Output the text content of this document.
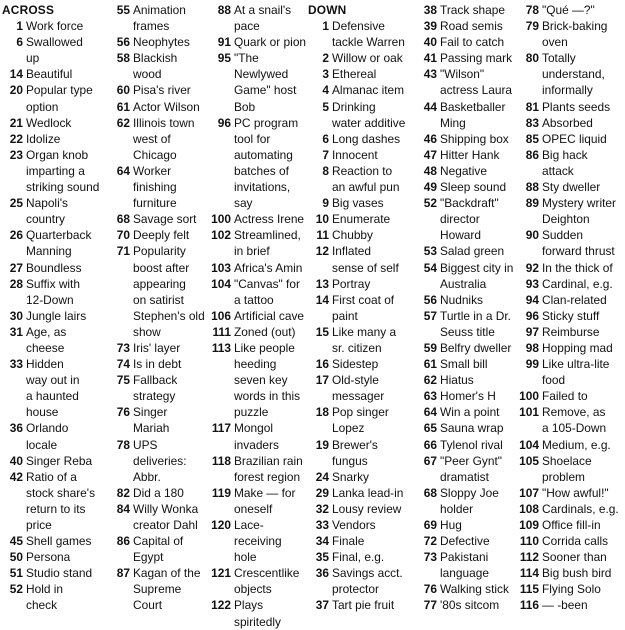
ACROSS
1 Work force
6 Swallowed
up
14 Beautiful
20 Popular type
option
21 Wedlock
22 Idolize
23 Organ knob
imparting a
striking sound
25 Napoli's
country
26 Quarterback
Manning
27 Boundless
28 Suffix with
12-Down
30 Jungle lairs
31 Age, as
cheese
33 Hidden
way out in
a haunted
house
36 Orlando
locale
40 Singer Reba
42 Ratio of a
stock share's
return to its
price
45 Shell games
50 Persona
51 Studio stand
52 Hold in
check
55 Animation
frames
56 Neophytes
58 Blackish
wood
60 Pisa's river
61 Actor Wilson
62 Illinois town
west of
Chicago
64 Worker
finishing
furniture
68 Savage sort
70 Deeply felt
71 Popularity
boost after
appearing
on satirist
Stephen's old
show
73 Iris' layer
74 Is in debt
75 Fallback
strategy
76 Singer
Mariah
78 UPS
deliveries:
Abbr.
82 Did a 180
84 Willy Wonka
creator Dahl
86 Capital of
Egypt
87 Kagan of the
Supreme
Court
88 At a snail's
pace
91 Quark or pion
95 "The
Newlywed
Game" host
Bob
96 PC program
tool for
automating
batches of
invitations,
say
100 Actress Irene
102 Streamlined,
in brief
103 Africa's Amin
104 "Canvas" for
a tattoo
106 Artificial cave
111 Zoned (out)
113 Like people
heeding
seven key
words in this
puzzle
117 Mongol
invaders
118 Brazilian rain
forest region
119 Make — for
oneself
120 Lace-receiving
hole
121 Crescentlike
objects
122 Plays
spiritedly
DOWN
1 Defensive
tackle Warren
2 Willow or oak
3 Ethereal
4 Almanac item
5 Drinking
water additive
6 Long dashes
7 Innocent
8 Reaction to
an awful pun
9 Big vases
10 Enumerate
11 Chubby
12 Inflated
sense of self
13 Portray
14 First coat of
paint
15 Like many a
sr. citizen
16 Sidestep
17 Old-style
messager
18 Pop singer
Lopez
19 Brewer's
fungus
24 Snarky
29 Lanka lead-in
32 Lousy review
33 Vendors
34 Finale
35 Final, e.g.
36 Savings acct.
protector
37 Tart pie fruit
38 Track shape
39 Road semis
40 Fail to catch
41 Passing mark
43 "Wilson"
actress Laura
44 Basketballer
Ming
46 Shipping box
47 Hitter Hank
48 Negative
49 Sleep sound
52 "Backdraft"
director
Howard
53 Salad green
54 Biggest city in
Australia
56 Nudniks
57 Turtle in a Dr.
Seuss title
59 Belfry dweller
61 Small bill
62 Hiatus
63 Homer's H
64 Win a point
65 Sauna wrap
66 Tylenol rival
67 "Peer Gynt"
dramatist
68 Sloppy Joe
holder
69 Hug
72 Defective
73 Pakistani
language
76 Walking stick
77 '80s sitcom
78 "Qué —?"
79 Brick-baking
oven
80 Totally
understand,
informally
81 Plants seeds
83 Absorbed
85 OPEC liquid
86 Big hack
attack
88 Sty dweller
89 Mystery writer
Deighton
90 Sudden
forward thrust
92 In the thick of
93 Cardinal, e.g.
94 Clan-related
96 Sticky stuff
97 Reimburse
98 Hopping mad
99 Like ultra-lite
food
100 Failed to
101 Remove, as
a 105-Down
104 Medium, e.g.
105 Shoelace
problem
107 "How awful!"
108 Cardinals, e.g.
109 Office fill-in
110 Corrida calls
112 Sooner than
114 Big bush bird
115 Flying Solo
116 — -been
